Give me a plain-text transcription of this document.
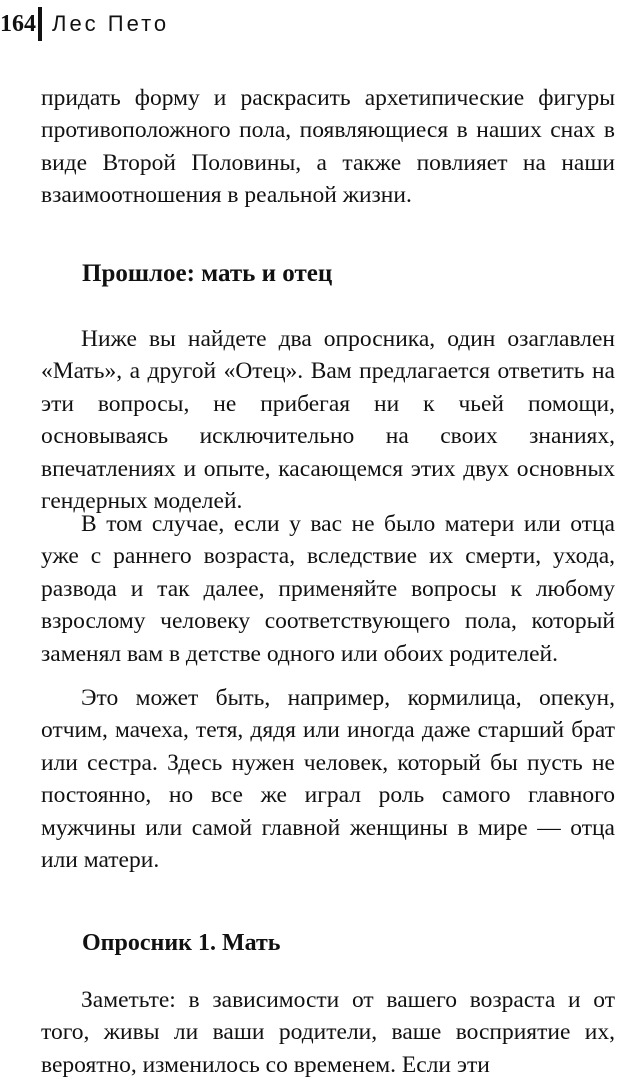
164 Лес Пето

придать форму и раскрасить архетипические фигуры противоположного пола, появляющиеся в наших снах в виде Второй Половины, а также повлияет на наши взаимоотношения в реальной жизни.

Прошлое: мать и отец

Ниже вы найдете два опросника, один озаглавлен «Мать», а другой «Отец». Вам предлагается ответить на эти вопросы, не прибегая ни к чьей помощи, основываясь исключительно на своих знаниях, впечатлениях и опыте, касающемся этих двух основных гендерных моделей.

В том случае, если у вас не было матери или отца уже с раннего возраста, вследствие их смерти, ухода, развода и так далее, применяйте вопросы к любому взрослому человеку соответствующего пола, который заменял вам в детстве одного или обоих родителей.

Это может быть, например, кормилица, опекун, отчим, мачеха, тетя, дядя или иногда даже старший брат или сестра. Здесь нужен человек, который бы пусть не постоянно, но все же играл роль самого главного мужчины или самой главной женщины в мире — отца или матери.

Опросник 1. Мать

Заметьте: в зависимости от вашего возраста и от того, живы ли ваши родители, ваше восприятие их, вероятно, изменилось со временем. Если эти
